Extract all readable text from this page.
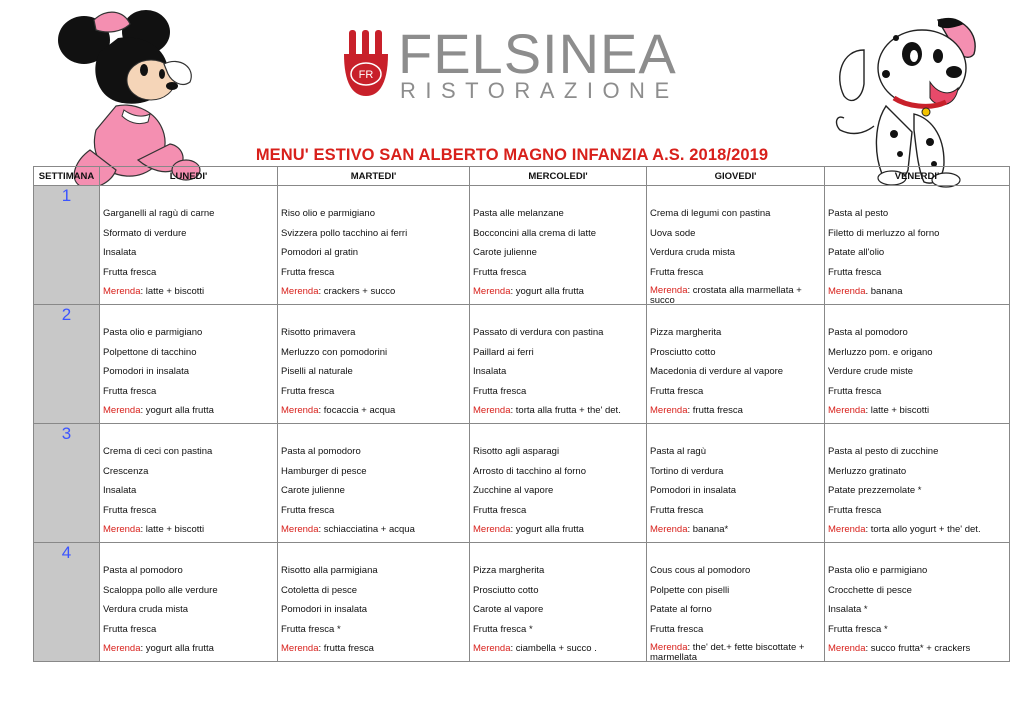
FR FELSINEA
RISTORAZIONE
MENU' ESTIVO SAN ALBERTO MAGNO INFANZIA A.S. 2018/2019
SETTIMANA	LUNEDI'	MARTEDI'	MERCOLEDI'	GIOVEDI'	VENERDI'
1	Garganelli al ragù di carne
Sformato di verdure
Insalata
Frutta fresca
Merenda: latte + biscotti	Riso olio e parmigiano
Svizzera pollo tacchino ai ferri
Pomodori al gratin
Frutta fresca
Merenda: crackers + succo	Pasta alle melanzane
Bocconcini alla crema di latte
Carote julienne
Frutta fresca
Merenda: yogurt alla frutta	Crema di legumi con pastina
Uova sode
Verdura cruda mista
Frutta fresca
Merenda: crostata alla marmellata + succo	Pasta al pesto
Filetto di merluzzo al forno
Patate all'olio
Frutta fresca
Merenda. banana

2	Pasta olio e parmigiano
Polpettone di tacchino
Pomodori in insalata
Frutta fresca
Merenda: yogurt alla frutta	Risotto primavera
Merluzzo con pomodorini
Piselli al naturale
Frutta fresca
Merenda: focaccia + acqua	Passato di verdura con pastina
Paillard ai ferri
Insalata
Frutta fresca
Merenda: torta alla frutta + the' det.	Pizza margherita
Prosciutto cotto
Macedonia di verdure al vapore
Frutta fresca
Merenda: frutta fresca	Pasta al pomodoro
Merluzzo pom. e origano
Verdure crude miste
Frutta fresca
Merenda: latte + biscotti

3	Crema di ceci con pastina
Crescenza
Insalata
Frutta fresca
Merenda: latte + biscotti	Pasta al pomodoro
Hamburger di pesce
Carote julienne
Frutta fresca
Merenda: schiacciatina + acqua	Risotto agli asparagi
Arrosto di tacchino al forno
Zucchine al vapore
Frutta fresca
Merenda: yogurt alla frutta	Pasta al ragù
Tortino di verdura
Pomodori in insalata
Frutta fresca
Merenda: banana*	Pasta al pesto di zucchine
Merluzzo gratinato
Patate prezzemolate *
Frutta fresca
Merenda: torta allo yogurt + the' det.

4	Pasta al pomodoro
Scaloppa pollo alle verdure
Verdura cruda mista
Frutta fresca
Merenda: yogurt alla frutta	Risotto alla parmigiana
Cotoletta di pesce
Pomodori in insalata
Frutta fresca *
Merenda: frutta fresca	Pizza margherita
Prosciutto cotto
Carote al vapore
Frutta fresca *
Merenda: ciambella + succo .	Cous cous al pomodoro
Polpette con piselli
Patate al forno
Frutta fresca
Merenda: the' det.+ fette biscottate + marmellata	Pasta olio e parmigiano
Crocchette di pesce
Insalata *
Frutta fresca *
Merenda: succo frutta* + crackers
